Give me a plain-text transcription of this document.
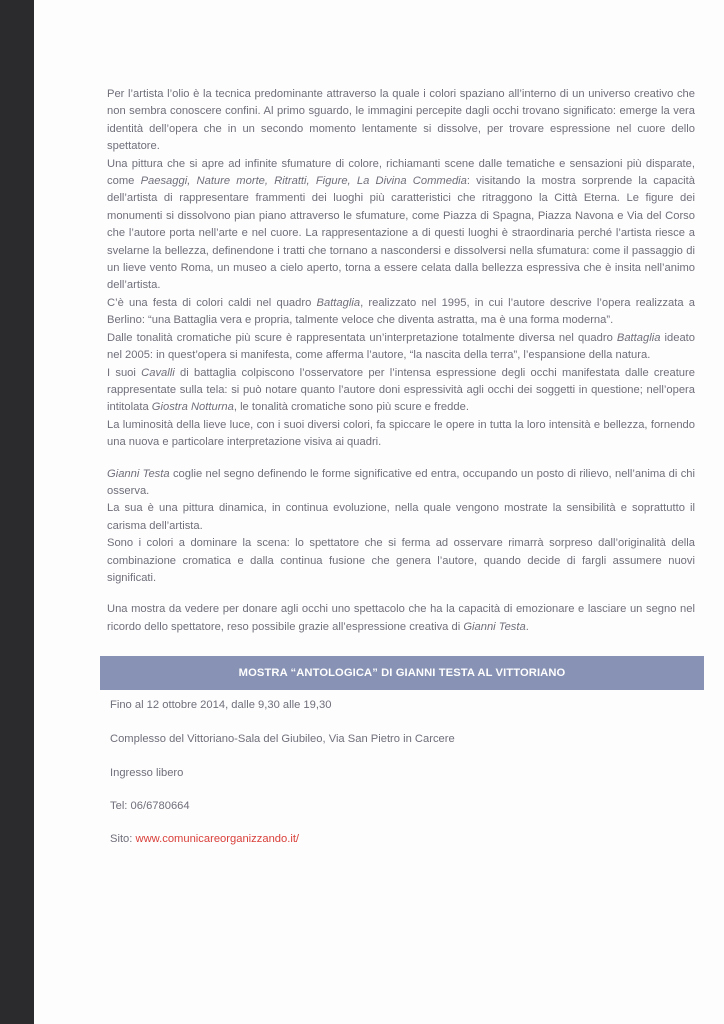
Per l’artista l’olio è la tecnica predominante attraverso la quale i colori spaziano all’interno di un universo creativo che non sembra conoscere confini. Al primo sguardo, le immagini percepite dagli occhi trovano significato: emerge la vera identità dell’opera che in un secondo momento lentamente si dissolve, per trovare espressione nel cuore dello spettatore.

Una pittura che si apre ad infinite sfumature di colore, richiamanti scene dalle tematiche e sensazioni più disparate, come Paesaggi, Nature morte, Ritratti, Figure, La Divina Commedia: visitando la mostra sorprende la capacità dell’artista di rappresentare frammenti dei luoghi più caratteristici che ritraggono la Città Eterna. Le figure dei monumenti si dissolvono pian piano attraverso le sfumature, come Piazza di Spagna, Piazza Navona e Via del Corso che l’autore porta nell’arte e nel cuore. La rappresentazione a di questi luoghi è straordinaria perché l’artista riesce a svelarne la bellezza, definendone i tratti che tornano a nascondersi e dissolversi nella sfumatura: come il passaggio di un lieve vento Roma, un museo a cielo aperto, torna a essere celata dalla bellezza espressiva che è insita nell’animo dell’artista.

C’è una festa di colori caldi nel quadro Battaglia, realizzato nel 1995, in cui l’autore descrive l’opera realizzata a Berlino: “una Battaglia vera e propria, talmente veloce che diventa astratta, ma è una forma moderna”.

Dalle tonalità cromatiche più scure è rappresentata un’interpretazione totalmente diversa nel quadro Battaglia ideato nel 2005: in quest’opera si manifesta, come afferma l’autore, “la nascita della terra”, l’espansione della natura.

I suoi Cavalli di battaglia colpiscono l’osservatore per l’intensa espressione degli occhi manifestata dalle creature rappresentate sulla tela: si può notare quanto l’autore doni espressività agli occhi dei soggetti in questione; nell’opera intitolata Giostra Notturna, le tonalità cromatiche sono più scure e fredde.

La luminosità della lieve luce, con i suoi diversi colori, fa spiccare le opere in tutta la loro intensità e bellezza, fornendo una nuova e particolare interpretazione visiva ai quadri.

Gianni Testa coglie nel segno definendo le forme significative ed entra, occupando un posto di rilievo, nell’anima di chi osserva.

La sua è una pittura dinamica, in continua evoluzione, nella quale vengono mostrate la sensibilità e soprattutto il carisma dell’artista.

Sono i colori a dominare la scena: lo spettatore che si ferma ad osservare rimarrà sorpreso dall’originalità della combinazione cromatica e dalla continua fusione che genera l’autore, quando decide di fargli assumere nuovi significati.

Una mostra da vedere per donare agli occhi uno spettacolo che ha la capacità di emozionare e lasciare un segno nel ricordo dello spettatore, reso possibile grazie all’espressione creativa di Gianni Testa.

MOSTRA “ANTOLOGICA” DI GIANNI TESTA AL VITTORIANO
Fino al 12 ottobre 2014, dalle 9,30 alle 19,30
Complesso del Vittoriano-Sala del Giubileo, Via San Pietro in Carcere
Ingresso libero
Tel: 06/6780664
Sito: www.comunicareorganizzando.it/
